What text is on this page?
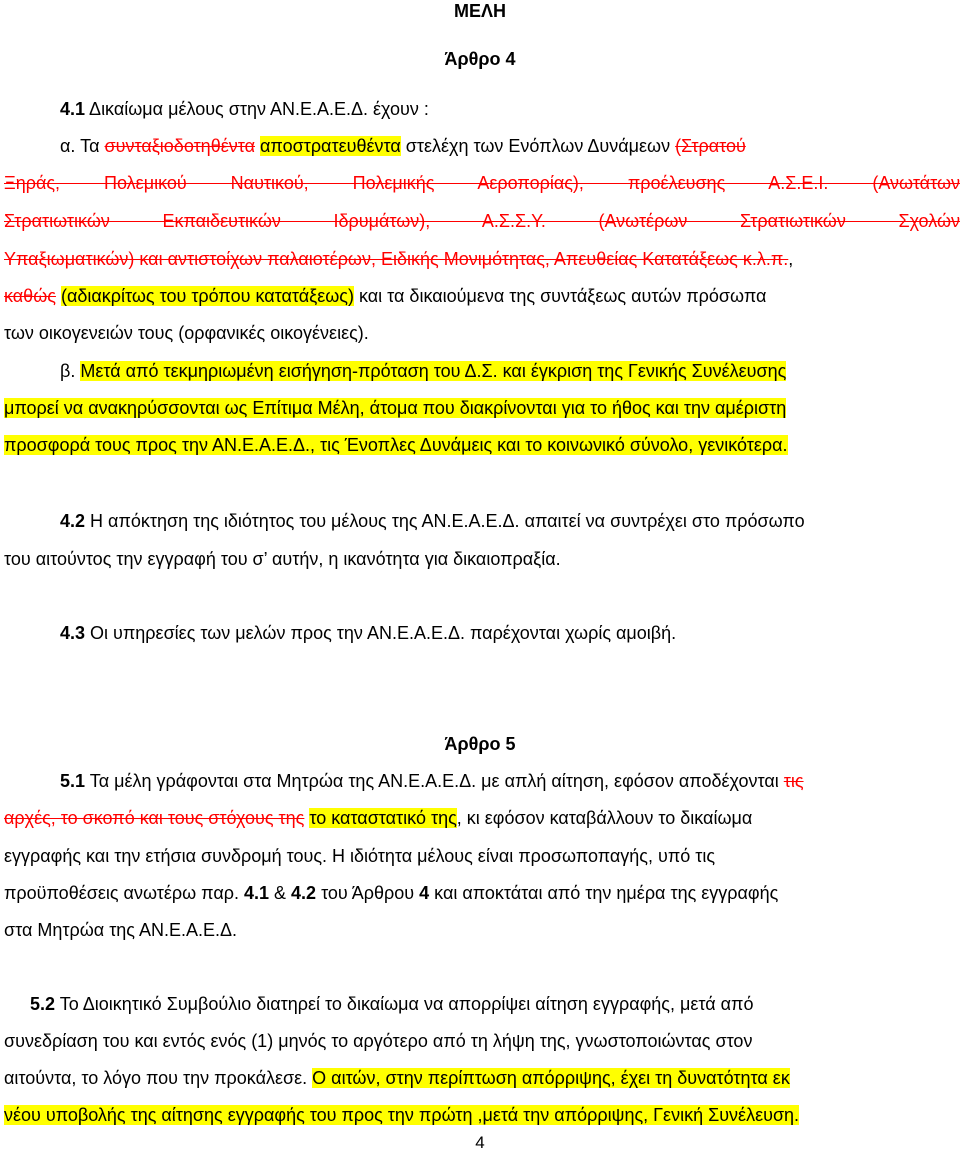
ΜΕΛΗ
Άρθρο 4
4.1 Δικαίωμα μέλους στην ΑΝ.Ε.Α.Ε.Δ. έχουν :
α. Τα συνταξιοδοτηθέντα αποστρατευθέντα στελέχη των Ενόπλων Δυνάμεων (Στρατού
Ξηράς, Πολεμικού Ναυτικού, Πολεμικής Αεροπορίας), προέλευσης Α.Σ.Ε.Ι. (Ανωτάτων
Στρατιωτικών Εκπαιδευτικών Ιδρυμάτων), Α.Σ.Σ.Υ. (Ανωτέρων Στρατιωτικών Σχολών
Υπαξιωματικών) και αντιστοίχων παλαιοτέρων, Ειδικής Μονιμότητας, Απευθείας Κατατάξεως κ.λ.π.,
καθώς (αδιακρίτως του τρόπου κατατάξεως) και τα δικαιούμενα της συντάξεως αυτών πρόσωπα
των οικογενειών τους (ορφανικές οικογένειες).
β. Μετά από τεκμηριωμένη εισήγηση-πρόταση του Δ.Σ. και έγκριση της Γενικής Συνέλευσης
μπορεί να ανακηρύσσονται ως Επίτιμα Μέλη, άτομα που διακρίνονται για το ήθος και την αμέριστη
προσφορά τους προς την ΑΝ.Ε.Α.Ε.Δ., τις Ένοπλες Δυνάμεις και το κοινωνικό σύνολο, γενικότερα.
4.2 Η απόκτηση της ιδιότητος του μέλους της ΑΝ.Ε.Α.Ε.Δ. απαιτεί να συντρέχει στο πρόσωπο
του αιτούντος την εγγραφή του σ’ αυτήν, η ικανότητα για δικαιοπραξία.
4.3 Οι υπηρεσίες των μελών προς την ΑΝ.Ε.Α.Ε.Δ. παρέχονται χωρίς αμοιβή.
Άρθρο 5
5.1 Τα μέλη γράφονται στα Μητρώα της ΑΝ.Ε.Α.Ε.Δ. με απλή αίτηση, εφόσον αποδέχονται τις
αρχές, το σκοπό και τους στόχους της το καταστατικό της, κι εφόσον καταβάλλουν το δικαίωμα
εγγραφής και την ετήσια συνδρομή τους. Η ιδιότητα μέλους είναι προσωποπαγής, υπό τις
προϋποθέσεις ανωτέρω παρ. 4.1 & 4.2 του Άρθρου 4 και αποκτάται από την ημέρα της εγγραφής
στα Μητρώα της ΑΝ.Ε.Α.Ε.Δ.
5.2 Το Διοικητικό Συμβούλιο διατηρεί το δικαίωμα να απορρίψει αίτηση εγγραφής, μετά από
συνεδρίαση του και εντός ενός (1) μηνός το αργότερο από τη λήψη της, γνωστοποιώντας στον
αιτούντα, το λόγο που την προκάλεσε. Ο αιτών, στην περίπτωση απόρριψης, έχει τη δυνατότητα εκ
νέου υποβολής της αίτησης εγγραφής του προς την πρώτη ,μετά την απόρριψης, Γενική Συνέλευση.
4
